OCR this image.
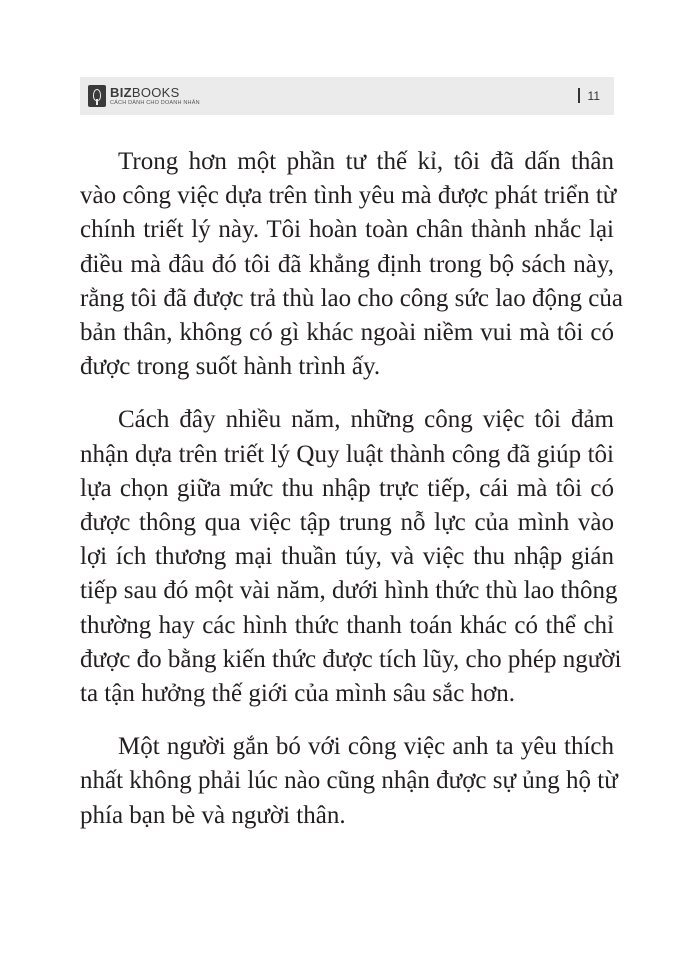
BIZBOOKS
CÁCH DÀNH CHO DOANH NHÂN
11

Trong hơn một phần tư thế kỉ, tôi đã dấn thân
vào công việc dựa trên tình yêu mà được phát triển từ
chính triết lý này. Tôi hoàn toàn chân thành nhắc lại
điều mà đâu đó tôi đã khẳng định trong bộ sách này,
rằng tôi đã được trả thù lao cho công sức lao động của
bản thân, không có gì khác ngoài niềm vui mà tôi có
được trong suốt hành trình ấy.

Cách đây nhiều năm, những công việc tôi đảm
nhận dựa trên triết lý Quy luật thành công đã giúp tôi
lựa chọn giữa mức thu nhập trực tiếp, cái mà tôi có
được thông qua việc tập trung nỗ lực của mình vào
lợi ích thương mại thuần túy, và việc thu nhập gián
tiếp sau đó một vài năm, dưới hình thức thù lao thông
thường hay các hình thức thanh toán khác có thể chỉ
được đo bằng kiến thức được tích lũy, cho phép người
ta tận hưởng thế giới của mình sâu sắc hơn.

Một người gắn bó với công việc anh ta yêu thích
nhất không phải lúc nào cũng nhận được sự ủng hộ từ
phía bạn bè và người thân.
